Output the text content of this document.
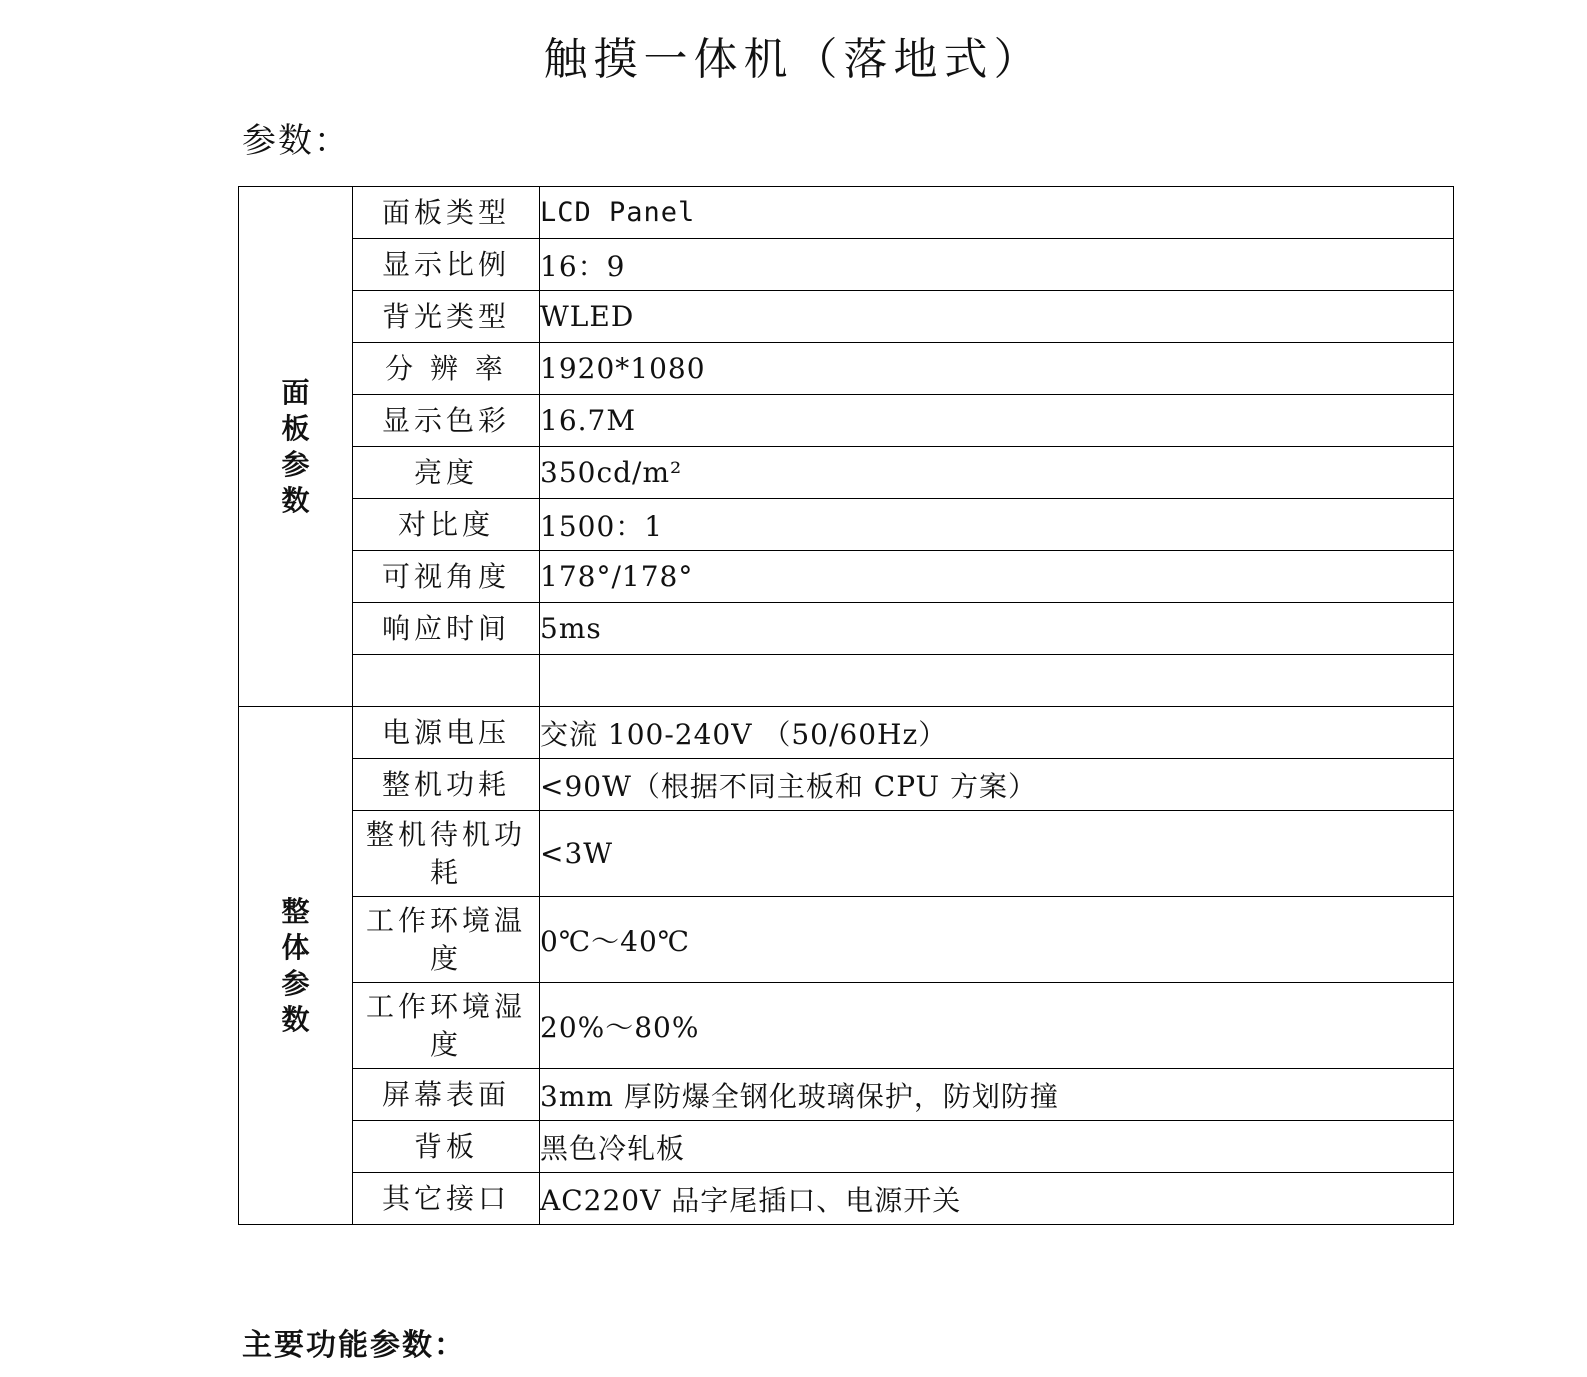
触摸一体机（落地式）
参数：
面板参数	面板类型	LCD Panel
	显示比例	16：9
	背光类型	WLED
	分 辨 率	1920*1080
	显示色彩	16.7M
	亮度	350cd/m²
	对比度	1500：1
	可视角度	178°/178°
	响应时间	5ms

整体参数	电源电压	交流 100-240V （50/60Hz）
	整机功耗	<90W（根据不同主板和 CPU 方案）
	整机待机功耗	<3W
	工作环境温度	0℃～40℃
	工作环境湿度	20%～80%
	屏幕表面	3mm 厚防爆全钢化玻璃保护，防划防撞
	背板	黑色冷轧板
	其它接口	AC220V 品字尾插口、电源开关
主要功能参数：
